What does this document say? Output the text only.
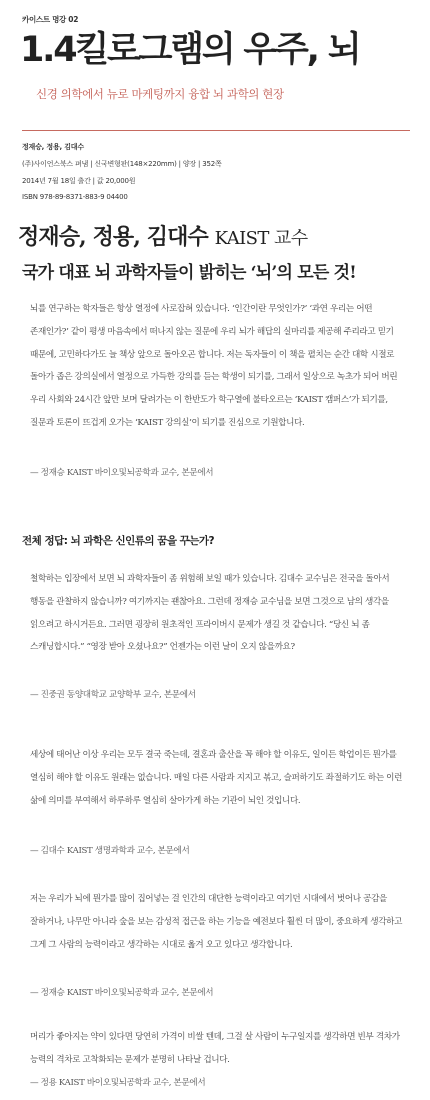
카이스트 명강 02
1.4킬로그램의 우주, 뇌
신경 의학에서 뉴로 마케팅까지 융합 뇌 과학의 현장
정재승, 정용, 김대수
(주)사이언스북스 펴냄 | 신국변형판(148×220mm) | 양장 | 352쪽
2014년 7월 18일 출간 | 값 20,000원
ISBN 978-89-8371-883-9 04400
정재승, 정용, 김대수 KAIST 교수
국가 대표 뇌 과학자들이 밝히는 ‘뇌’의 모든 것!

뇌를 연구하는 학자들은 항상 열정에 사로잡혀 있습니다. ‘인간이란 무엇인가?’ ‘과연 우리는 어떤 존재인가?’ 같이 평생 마음속에서 떠나지 않는 질문에 우리 뇌가 해답의 실마리를 제공해 주리라고 믿기 때문에, 고민하다가도 늘 책상 앞으로 돌아오곤 합니다. 저는 독자들이 이 책을 펼치는 순간 대학 시절로 돌아가 좁은 강의실에서 열정으로 가득한 강의를 듣는 학생이 되기를, 그래서 일상으로 녹초가 되어 버린 우리 사회와 24시간 앞만 보며 달려가는 이 한반도가 학구열에 불타오르는 ‘KAIST 캠퍼스’가 되기를, 질문과 토론이 뜨겁게 오가는 ‘KAIST 강의실’이 되기를 진심으로 기원합니다.

— 정재승 KAIST 바이오및뇌공학과 교수, 본문에서
전체 정답: 뇌 과학은 신인류의 꿈을 꾸는가?

철학하는 입장에서 보면 뇌 과학자들이 좀 위험해 보일 때가 있습니다. 김대수 교수님은 전국을 돌아서 행동을 관찰하지 않습니까? 여기까지는 괜찮아요. 그런데 정재승 교수님을 보면 그것으로 남의 생각을 읽으려고 하시거든요. 그러면 굉장히 원초적인 프라이버시 문제가 생길 것 같습니다. “당신 뇌 좀 스캐닝합시다.” “영장 받아 오셨나요?” 언젠가는 이런 날이 오지 않을까요?

— 진중권 동양대학교 교양학부 교수, 본문에서

세상에 태어난 이상 우리는 모두 결국 죽는데, 결혼과 출산을 꼭 해야 할 이유도, 일이든 학업이든 뭔가를 열심히 해야 할 이유도 원래는 없습니다. 매일 다른 사람과 지지고 볶고, 슬퍼하기도 좌절하기도 하는 이런 삶에 의미를 부여해서 하루하루 열심히 살아가게 하는 기관이 뇌인 것입니다.

— 김대수 KAIST 생명과학과 교수, 본문에서

저는 우리가 뇌에 뭔가를 많이 집어넣는 걸 인간의 대단한 능력이라고 여기던 시대에서 벗어나 공감을 잘하거나, 나무만 아니라 숲을 보는 감성적 접근을 하는 기능을 예전보다 훨씬 더 많이, 중요하게 생각하고 그게 그 사람의 능력이라고 생각하는 시대로 옮겨 오고 있다고 생각합니다.

— 정재승 KAIST 바이오및뇌공학과 교수, 본문에서

머리가 좋아지는 약이 있다면 당연히 가격이 비쌀 텐데, 그걸 살 사람이 누구일지를 생각하면 빈부 격차가 능력의 격차로 고착화되는 문제가 분명히 나타날 겁니다.

— 정용 KAIST 바이오및뇌공학과 교수, 본문에서
